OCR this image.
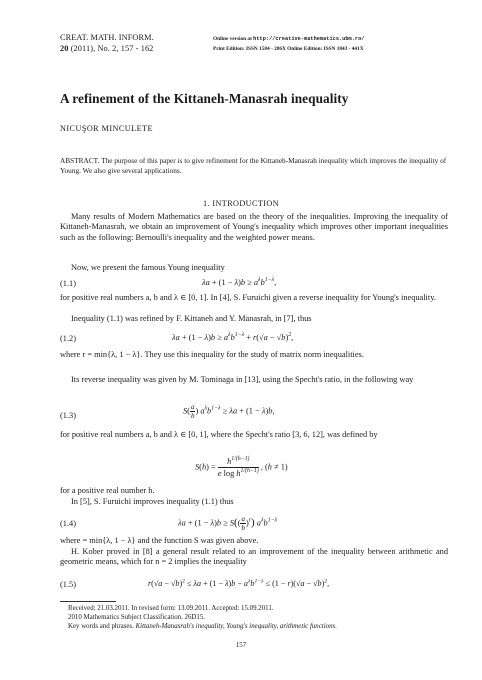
CREAT. MATH. INFORM.
20 (2011), No. 2, 157 - 162
Online version at http://creative-mathematics.ubm.ro/
Print Edition: ISSN 1584 - 286X Online Edition: ISSN 1843 - 441X
A refinement of the Kittaneh-Manasrah inequality
NICUŞOR MINCULETE
ABSTRACT. The purpose of this paper is to give refinement for the Kittaneh-Manasrah inequality which improves the inequality of Young. We also give several applications.
1. INTRODUCTION
Many results of Modern Mathematics are based on the theory of the inequalities. Improving the inequality of Kittaneh-Manasrah, we obtain an improvement of Young's inequality which improves other important inequalities such as the following: Bernoulli's inequality and the weighted power means.
Now, we present the famous Young inequality
(1.1)	$\lambda a + (1 - \lambda)b \ge a^\lambda b^{1-\lambda}$,
for positive real numbers a, b and λ ∈ [0, 1]. In [4], S. Furuichi given a reverse inequality for Young's inequality.
Inequality (1.1) was refined by F. Kittaneh and Y. Manasrah, in [7], thus
(1.2)	$\lambda a + (1 - \lambda)b \ge a^\lambda b^{1-\lambda} + r(√a - √b)^2$,
where r = min{λ, 1 − λ}. They use this inequality for the study of matrix norm inequalities.
Its reverse inequality was given by M. Tominaga in [13], using the Specht's ratio, in the following way
(1.3)
$S( \frac{a}{b}$ ) $a^\lambda b^{1-\lambda} \ge \lambda a + (1 - \lambda)b$,
for positive real numbers a, b and λ ∈ [0, 1], where the Specht's ratio [3, 6, 12], was defined by
$S(h) = \frac{h^{1/(h-1)}}{e \log h^{1/(h-1)}}$ , (h ≠ 1)
for a positive real number h.
In [5], S. Furuichi improves inequality (1.1) thus
(1.4)	$\lambda a + (1 - \lambda)b \ge S(( \frac{a}{b} )^r)$ $a^\lambda b^{1-\lambda}$
where = min{λ, 1 − λ} and the function S was given above.
H. Kober proved in [8] a general result related to an improvement of the inequality between arithmetic and geometric means, which for n = 2 implies the inequality
(1.5)	$r(√a - √b)^2 \le \lambda a + (1 - \lambda)b - a^\lambda b^{1-\lambda} \le (1 - r)(√a - √b)^2$,
Received: 21.03.2011. In revised form: 13.09.2011. Accepted: 15.09.2011.
2010 Mathematics Subject Classification. 26D15.
Key words and phrases. Kittaneh-Manasrah's inequality, Young's inequality, arithmetic functions.
157
